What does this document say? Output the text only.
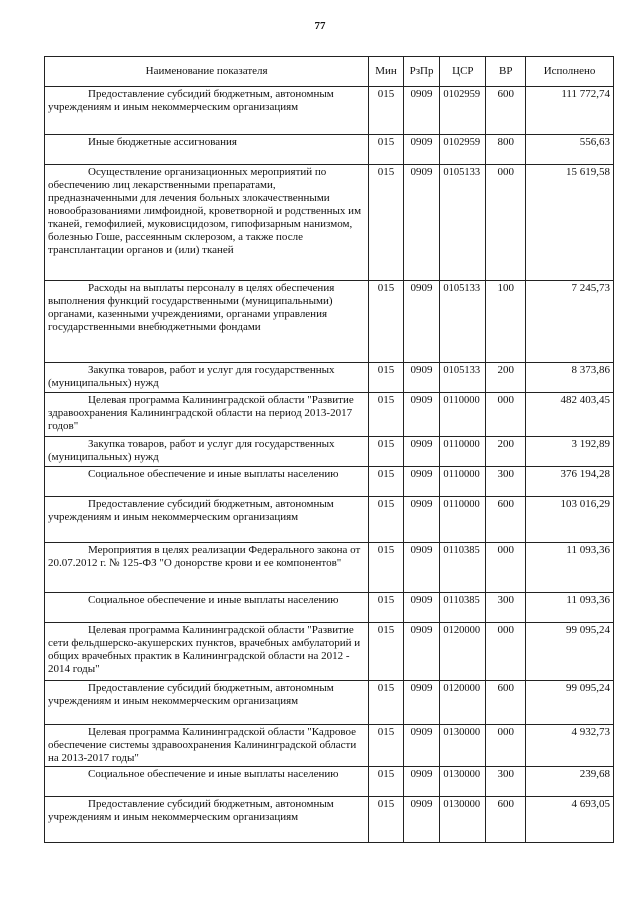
77
Наименование показателя	Мин	РзПр	ЦСР	ВР	Исполнено

Предоставление субсидий бюджетным, автономным учреждениям и иным некоммерческим организациям	015	0909	0102959	600	111 772,74

Иные бюджетные ассигнования	015	0909	0102959	800	556,63

Осуществление организационных мероприятий по обеспечению лиц лекарственными препаратами, предназначенными для лечения больных злокачественными новообразованиями лимфоидной, кроветворной и родственных им тканей, гемофилией, муковисцидозом, гипофизарным нанизмом, болезнью Гоше, рассеянным склерозом, а также после трансплантации органов и (или) тканей	015	0909	0105133	000	15 619,58

Расходы на выплаты персоналу в целях обеспечения выполнения функций государственными (муниципальными) органами, казенными учреждениями, органами управления государственными внебюджетными фондами	015	0909	0105133	100	7 245,73

Закупка товаров, работ и услуг для государственных (муниципальных) нужд	015	0909	0105133	200	8 373,86

Целевая программа Калининградской области "Развитие здравоохранения Калининградской области на период 2013-2017 годов"	015	0909	0110000	000	482 403,45

Закупка товаров, работ и услуг для государственных (муниципальных) нужд	015	0909	0110000	200	3 192,89

Социальное обеспечение и иные выплаты населению	015	0909	0110000	300	376 194,28

Предоставление субсидий бюджетным, автономным учреждениям и иным некоммерческим организациям	015	0909	0110000	600	103 016,29

Мероприятия в целях реализации Федерального закона от 20.07.2012 г. № 125-ФЗ "О донорстве крови и ее компонентов"	015	0909	0110385	000	11 093,36

Социальное обеспечение и иные выплаты населению	015	0909	0110385	300	11 093,36

Целевая программа Калининградской области "Развитие сети фельдшерско-акушерских пунктов, врачебных амбулаторий и общих врачебных практик в Калининградской области на 2012 - 2014 годы"	015	0909	0120000	000	99 095,24

Предоставление субсидий бюджетным, автономным учреждениям и иным некоммерческим организациям	015	0909	0120000	600	99 095,24

Целевая программа Калининградской области "Кадровое обеспечение системы здравоохранения Калининградской области на 2013-2017 годы"	015	0909	0130000	000	4 932,73

Социальное обеспечение и иные выплаты населению	015	0909	0130000	300	239,68

Предоставление субсидий бюджетным, автономным учреждениям и иным некоммерческим организациям	015	0909	0130000	600	4 693,05
